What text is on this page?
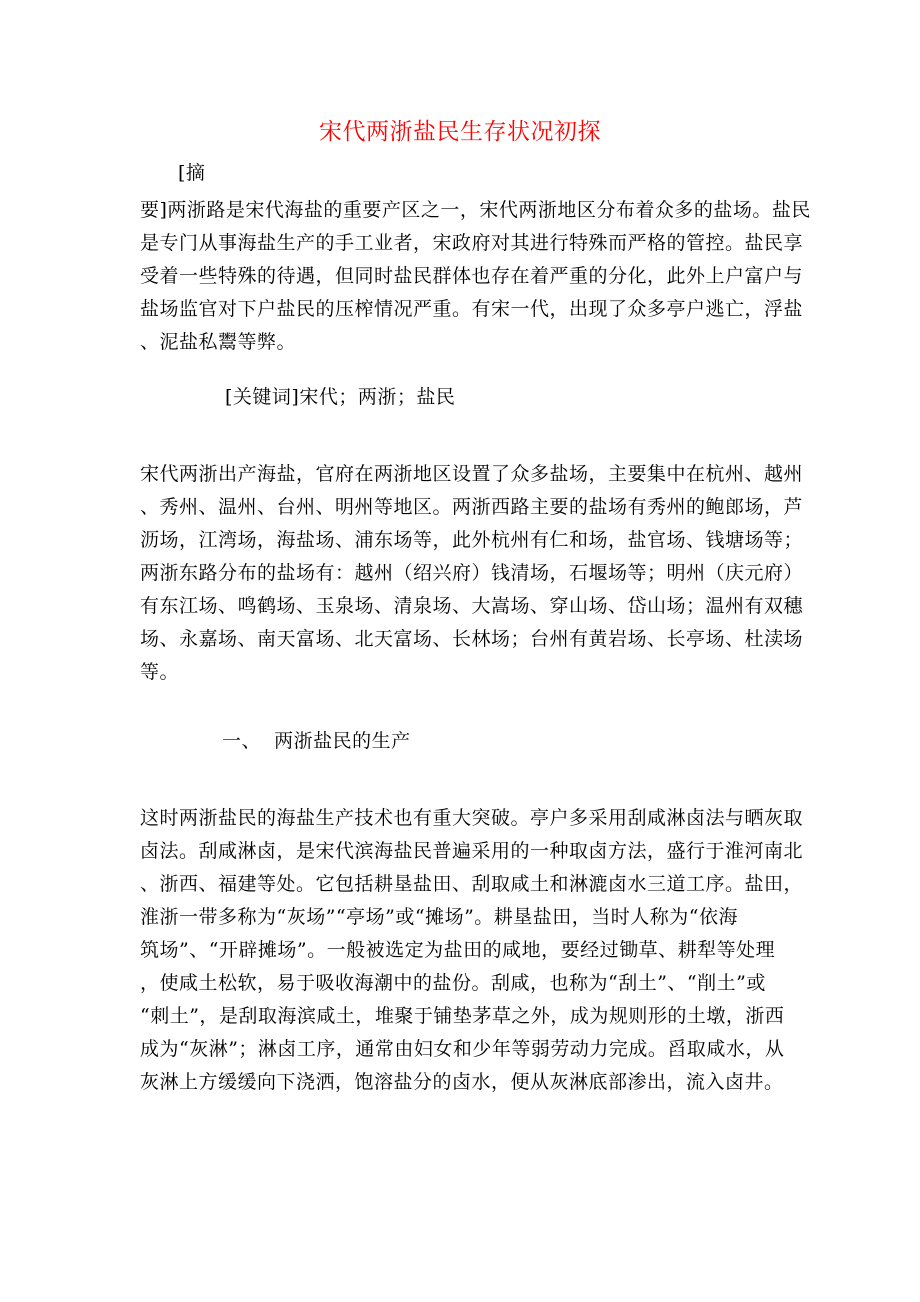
宋代两浙盐民生存状况初探
[摘
要]两浙路是宋代海盐的重要产区之一，宋代两浙地区分布着众多的盐场。盐民
是专门从事海盐生产的手工业者，宋政府对其进行特殊而严格的管控。盐民享
受着一些特殊的待遇，但同时盐民群体也存在着严重的分化，此外上户富户与
盐场监官对下户盐民的压榨情况严重。有宋一代，出现了众多亭户逃亡，浮盐
、泥盐私鬻等弊。
[关键词]宋代；两浙；盐民
宋代两浙出产海盐，官府在两浙地区设置了众多盐场，主要集中在杭州、越州
、秀州、温州、台州、明州等地区。两浙西路主要的盐场有秀州的鲍郎场，芦
沥场，江湾场，海盐场、浦东场等，此外杭州有仁和场，盐官场、钱塘场等；
两浙东路分布的盐场有：越州（绍兴府）钱清场，石堰场等；明州（庆元府）
有东江场、鸣鹤场、玉泉场、清泉场、大嵩场、穿山场、岱山场；温州有双穗
场、永嘉场、南天富场、北天富场、长林场；台州有黄岩场、长亭场、杜渎场
等。
一、  两浙盐民的生产
这时两浙盐民的海盐生产技术也有重大突破。亭户多采用刮咸淋卤法与晒灰取
卤法。刮咸淋卤，是宋代滨海盐民普遍采用的一种取卤方法，盛行于淮河南北
、浙西、福建等处。它包括耕垦盐田、刮取咸土和淋漉卤水三道工序。盐田，
淮浙一带多称为“灰场”“亭场”或“摊场”。耕垦盐田，当时人称为“依海
筑场”、“开辟摊场”。一般被选定为盐田的咸地，要经过锄草、耕犁等处理
，使咸土松软，易于吸收海潮中的盐份。刮咸，也称为“刮土”、“削土”或
“刺土”，是刮取海滨咸土，堆聚于铺垫茅草之外，成为规则形的土墩，浙西
成为“灰淋”；淋卤工序，通常由妇女和少年等弱劳动力完成。舀取咸水，从
灰淋上方缓缓向下浇洒，饱溶盐分的卤水，便从灰淋底部渗出，流入卤井。
